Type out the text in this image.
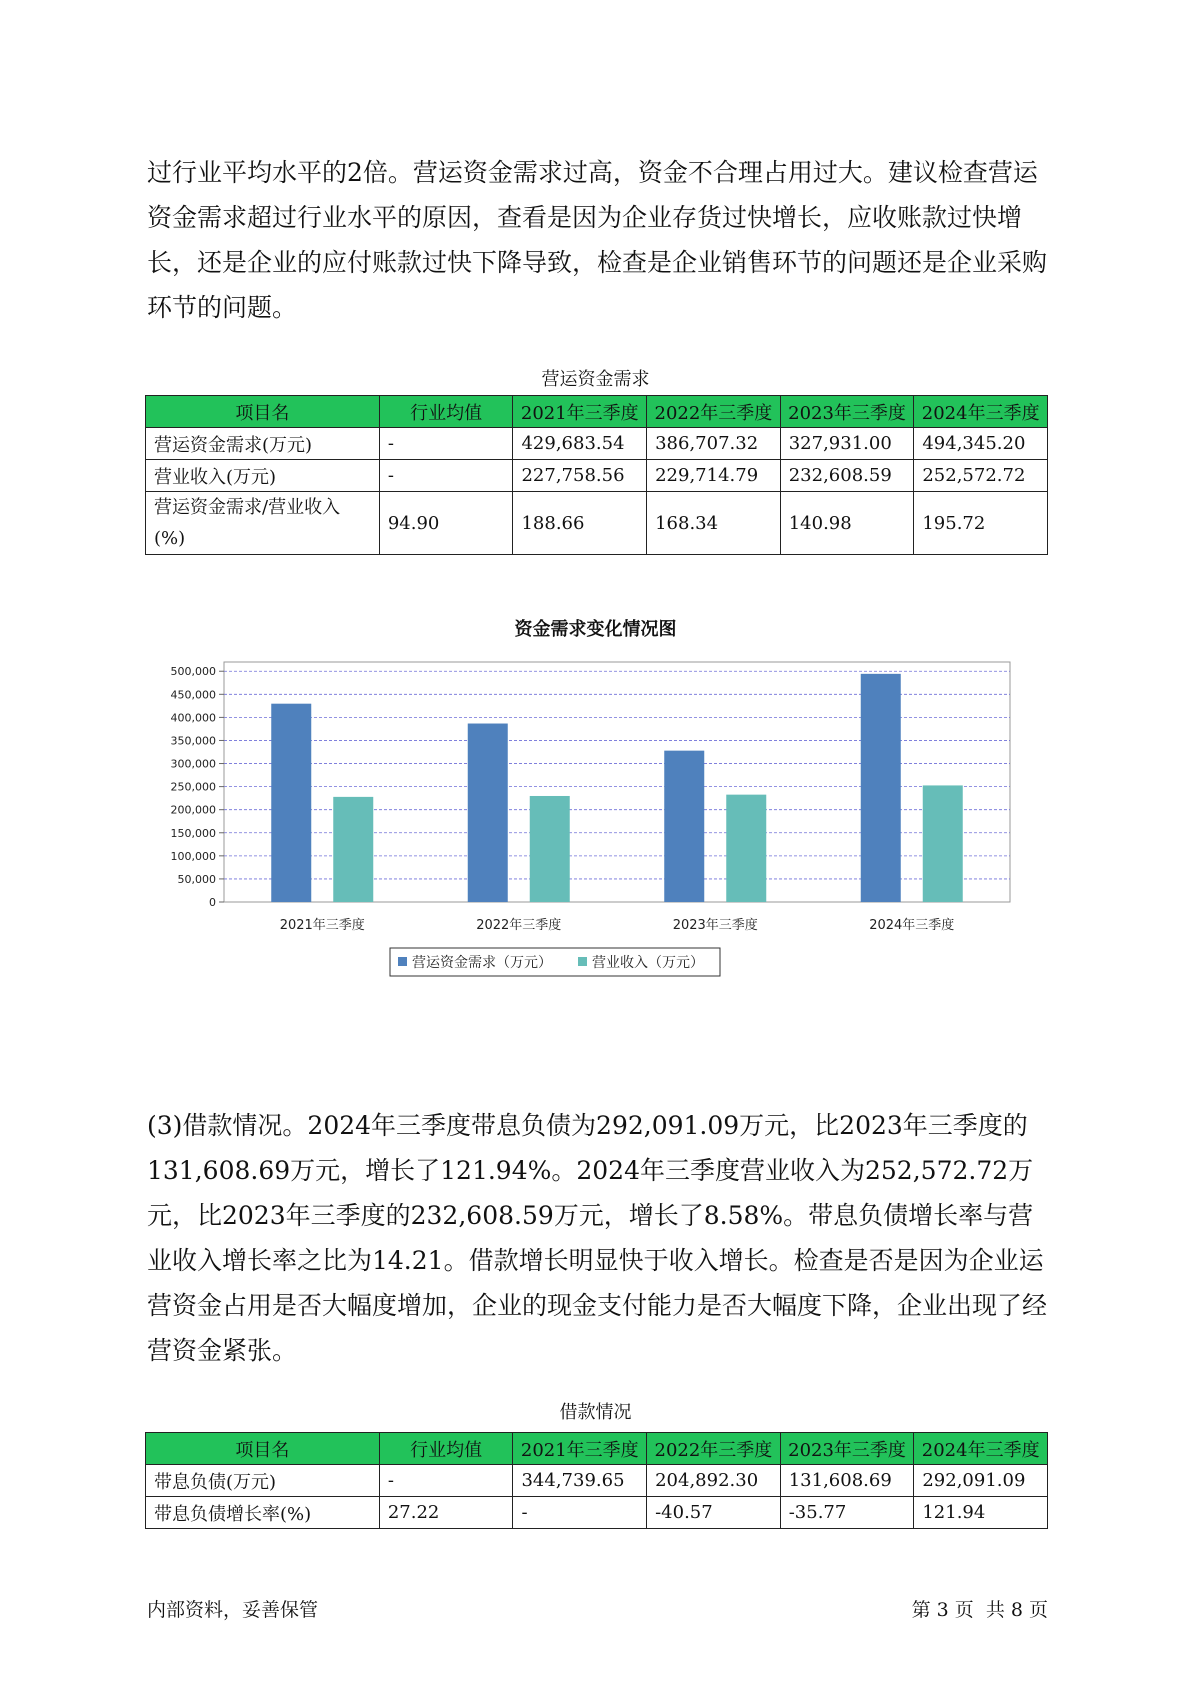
过行业平均水平的2倍。营运资金需求过高，资金不合理占用过大。建议检查营运资金需求超过行业水平的原因，查看是因为企业存货过快增长，应收账款过快增长，还是企业的应付账款过快下降导致，检查是企业销售环节的问题还是企业采购环节的问题。

营运资金需求
项目名	行业均值	2021年三季度	2022年三季度	2023年三季度	2024年三季度
营运资金需求(万元)	-	429,683.54	386,707.32	327,931.00	494,345.20
营业收入(万元)	-	227,758.56	229,714.79	232,608.59	252,572.72
营运资金需求/营业收入(%)	94.90	188.66	168.34	140.98	195.72
资金需求变化情况图
0
50,000
100,000
150,000
200,000
250,000
300,000
350,000
400,000
450,000
500,000
2021年三季度	2022年三季度	2023年三季度	2024年三季度
营运资金需求（万元）	营业收入（万元）

(3)借款情况。2024年三季度带息负债为292,091.09万元，比2023年三季度的131,608.69万元，增长了121.94%。2024年三季度营业收入为252,572.72万元，比2023年三季度的232,608.59万元，增长了8.58%。带息负债增长率与营业收入增长率之比为14.21。借款增长明显快于收入增长。检查是否是因为企业运营资金占用是否大幅度增加，企业的现金支付能力是否大幅度下降，企业出现了经营资金紧张。

借款情况
项目名	行业均值	2021年三季度	2022年三季度	2023年三季度	2024年三季度
带息负债(万元)	-	344,739.65	204,892.30	131,608.69	292,091.09
带息负债增长率(%)	27.22	-	-40.57	-35.77	121.94
内部资料，妥善保管	第 3 页  共 8 页
